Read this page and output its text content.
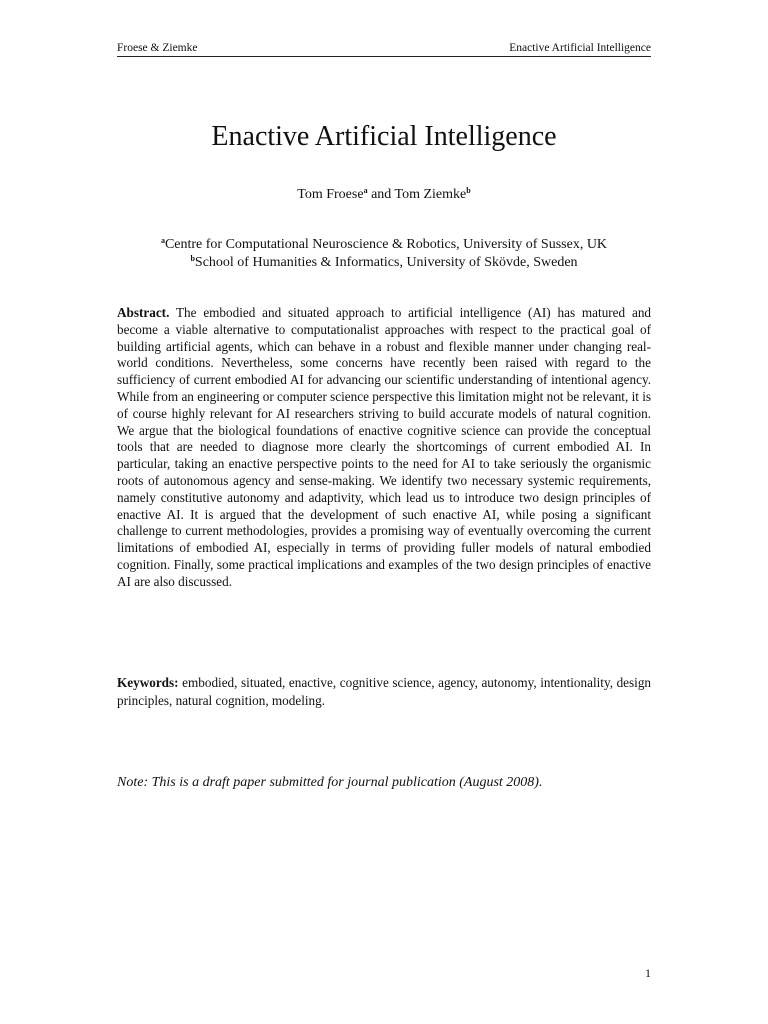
Froese & Ziemke	Enactive Artificial Intelligence
Enactive Artificial Intelligence
Tom Froese$^a$ and Tom Ziemke$^b$
$^a$Centre for Computational Neuroscience & Robotics, University of Sussex, UK
$^b$School of Humanities & Informatics, University of Skövde, Sweden

Abstract. The embodied and situated approach to artificial intelligence (AI) has matured and become a viable alternative to computationalist approaches with respect to the practical goal of building artificial agents, which can behave in a robust and flexible manner under changing real-world conditions. Nevertheless, some concerns have recently been raised with regard to the sufficiency of current embodied AI for advancing our scientific understanding of intentional agency. While from an engineering or computer science perspective this limitation might not be relevant, it is of course highly relevant for AI researchers striving to build accurate models of natural cognition. We argue that the biological foundations of enactive cognitive science can provide the conceptual tools that are needed to diagnose more clearly the shortcomings of current embodied AI. In particular, taking an enactive perspective points to the need for AI to take seriously the organismic roots of autonomous agency and sense-making. We identify two necessary systemic requirements, namely constitutive autonomy and adaptivity, which lead us to introduce two design principles of enactive AI. It is argued that the development of such enactive AI, while posing a significant challenge to current methodologies, provides a promising way of eventually overcoming the current limitations of embodied AI, especially in terms of providing fuller models of natural embodied cognition. Finally, some practical implications and examples of the two design principles of enactive AI are also discussed.

Keywords: embodied, situated, enactive, cognitive science, agency, autonomy, intentionality, design principles, natural cognition, modeling.

Note: This is a draft paper submitted for journal publication (August 2008).

1
